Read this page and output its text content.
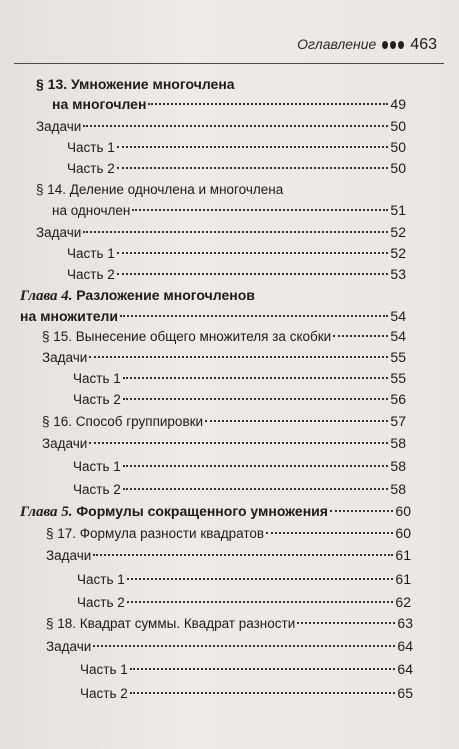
Оглавление 463
§ 13. Умножение многочлена
на многочлен	49
Задачи	50
Часть 1	50
Часть 2	50
§ 14. Деление одночлена и многочлена
на одночлен	51
Задачи	52
Часть 1	52
Часть 2	53
Глава 4. Разложение многочленов
на множители	54
§ 15. Вынесение общего множителя за скобки	54
Задачи	55
Часть 1	55
Часть 2	56
§ 16. Способ группировки	57
Задачи	58
Часть 1	58
Часть 2	58
Глава 5. Формулы сокращенного умножения	60
§ 17. Формула разности квадратов	60
Задачи	61
Часть 1	61
Часть 2	62
§ 18. Квадрат суммы. Квадрат разности	63
Задачи	64
Часть 1	64
Часть 2	65
